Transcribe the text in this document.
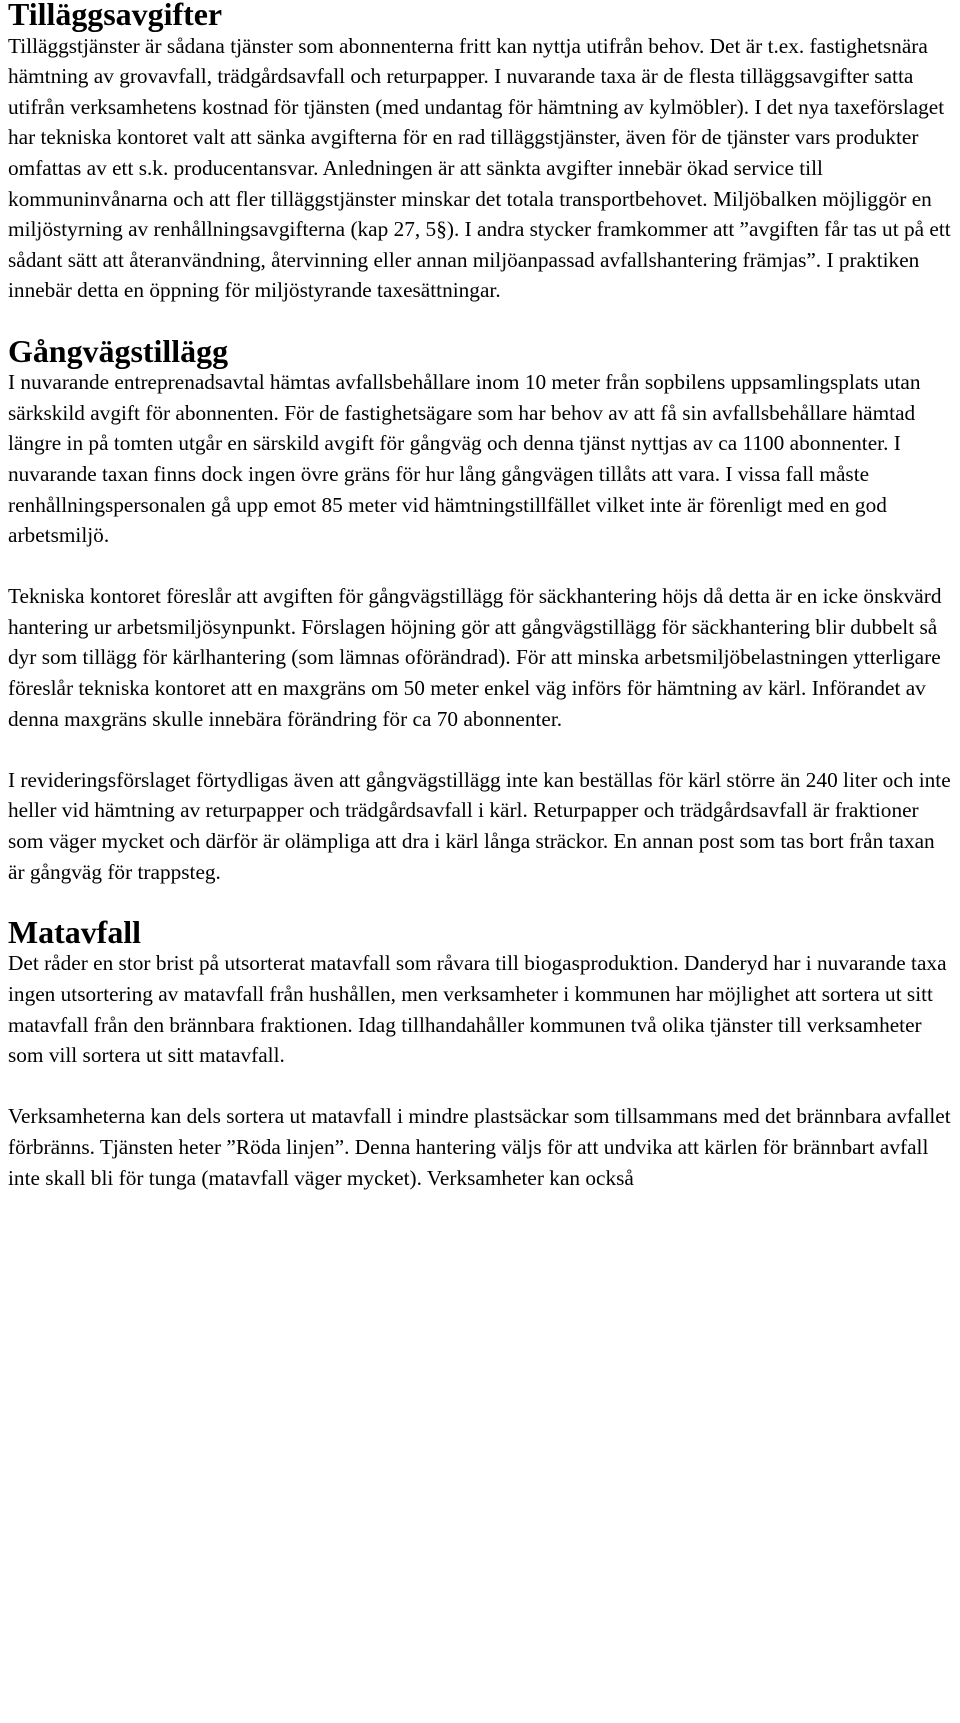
Tilläggsavgifter

Tilläggstjänster är sådana tjänster som abonnenterna fritt kan nyttja utifrån behov. Det är t.ex. fastighetsnära hämtning av grovavfall, trädgårdsavfall och returpapper. I nuvarande taxa är de flesta tilläggsavgifter satta utifrån verksamhetens kostnad för tjänsten (med undantag för hämtning av kylmöbler). I det nya taxeförslaget har tekniska kontoret valt att sänka avgifterna för en rad tilläggstjänster, även för de tjänster vars produkter omfattas av ett s.k. producentansvar. Anledningen är att sänkta avgifter innebär ökad service till kommuninvånarna och att fler tilläggstjänster minskar det totala transportbehovet. Miljöbalken möjliggör en miljöstyrning av renhållningsavgifterna (kap 27, 5§). I andra stycker framkommer att ”avgiften får tas ut på ett sådant sätt att återanvändning, återvinning eller annan miljöanpassad avfallshantering främjas”. I praktiken innebär detta en öppning för miljöstyrande taxesättningar.

Gångvägstillägg

I nuvarande entreprenadsavtal hämtas avfallsbehållare inom 10 meter från sopbilens uppsamlingsplats utan särkskild avgift för abonnenten. För de fastighetsägare som har behov av att få sin avfallsbehållare hämtad längre in på tomten utgår en särskild avgift för gångväg och denna tjänst nyttjas av ca 1100 abonnenter. I nuvarande taxan finns dock ingen övre gräns för hur lång gångvägen tillåts att vara. I vissa fall måste renhållningspersonalen gå upp emot 85 meter vid hämtningstillfället vilket inte är förenligt med en god arbetsmiljö.

Tekniska kontoret föreslår att avgiften för gångvägstillägg för säckhantering höjs då detta är en icke önskvärd hantering ur arbetsmiljösynpunkt. Förslagen höjning gör att gångvägstillägg för säckhantering blir dubbelt så dyr som tillägg för kärlhantering (som lämnas oförändrad). För att minska arbetsmiljöbelastningen ytterligare föreslår tekniska kontoret att en maxgräns om 50 meter enkel väg införs för hämtning av kärl. Införandet av denna maxgräns skulle innebära förändring för ca 70 abonnenter.

I revideringsförslaget förtydligas även att gångvägstillägg inte kan beställas för kärl större än 240 liter och inte heller vid hämtning av returpapper och trädgårdsavfall i kärl. Returpapper och trädgårdsavfall är fraktioner som väger mycket och därför är olämpliga att dra i kärl långa sträckor. En annan post som tas bort från taxan är gångväg för trappsteg.

Matavfall

Det råder en stor brist på utsorterat matavfall som råvara till biogasproduktion. Danderyd har i nuvarande taxa ingen utsortering av matavfall från hushållen, men verksamheter i kommunen har möjlighet att sortera ut sitt matavfall från den brännbara fraktionen. Idag tillhandahåller kommunen två olika tjänster till verksamheter som vill sortera ut sitt matavfall.

Verksamheterna kan dels sortera ut matavfall i mindre plastsäckar som tillsammans med det brännbara avfallet förbränns. Tjänsten heter ”Röda linjen”. Denna hantering väljs för att undvika att kärlen för brännbart avfall inte skall bli för tunga (matavfall väger mycket). Verksamheter kan också
